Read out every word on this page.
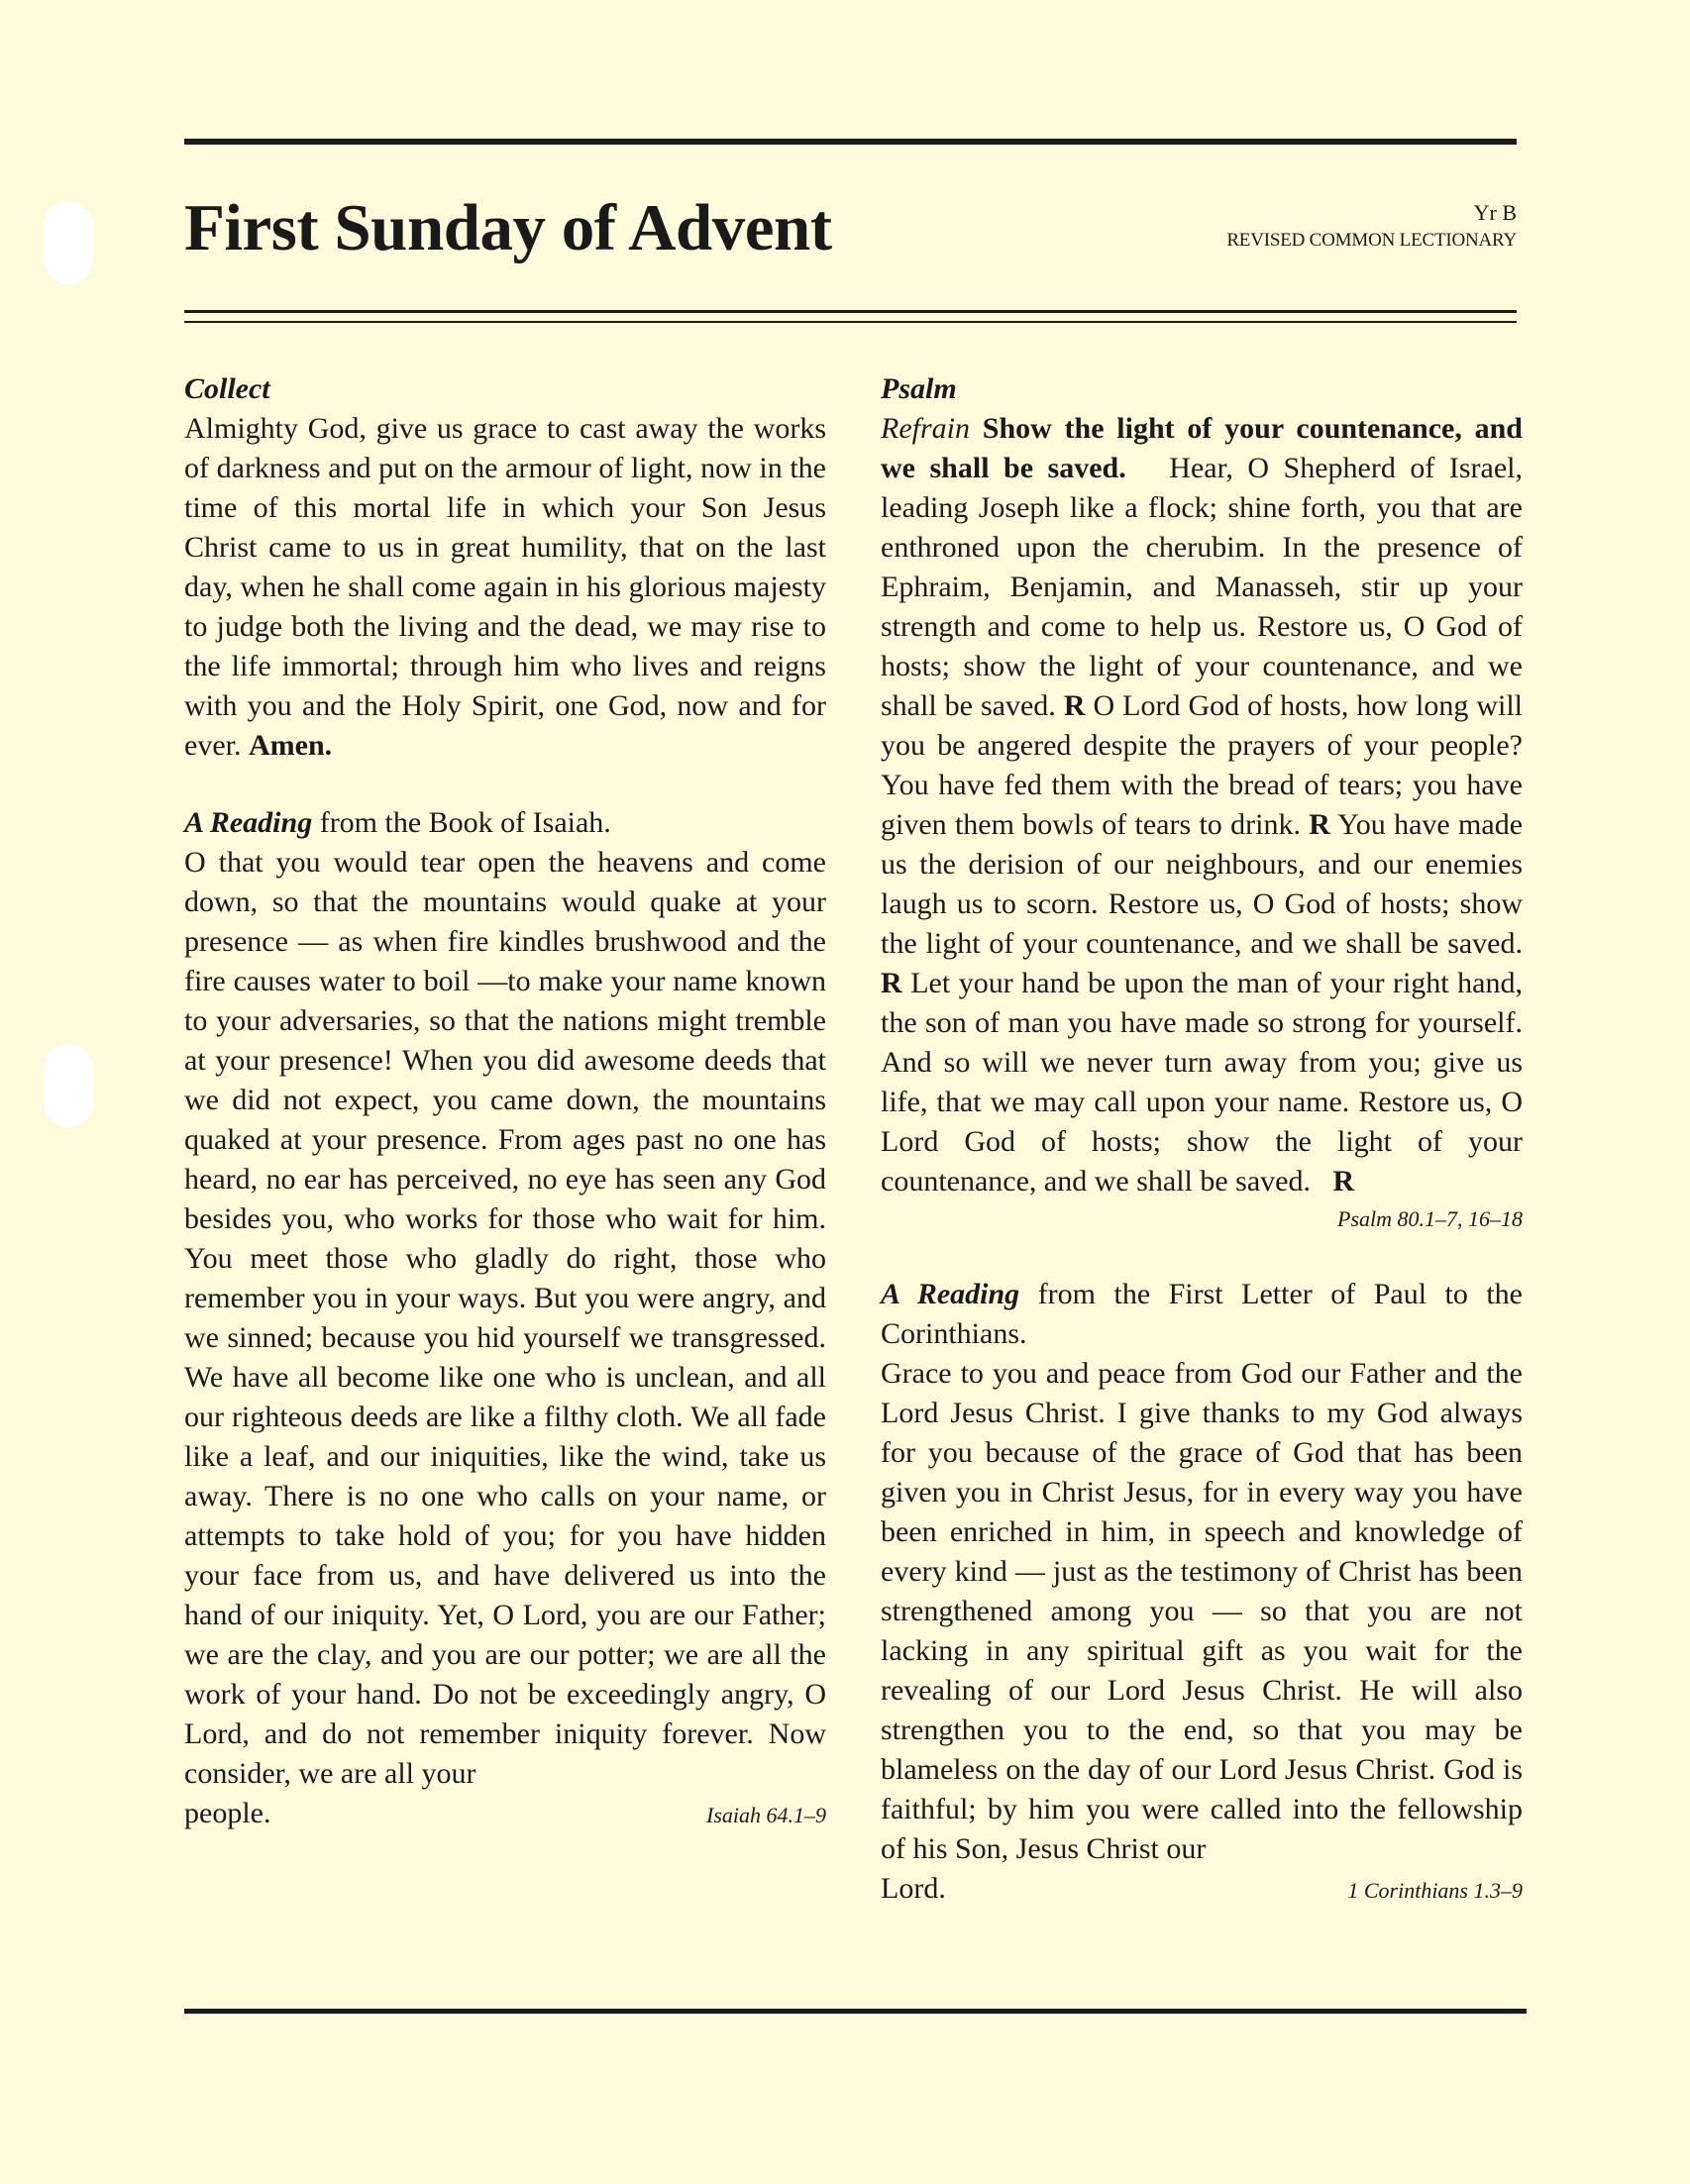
First Sunday of Advent	Yr B
REVISED COMMON LECTIONARY

Collect

Almighty God, give us grace to cast away the works of darkness and put on the armour of light, now in the time of this mortal life in which your Son Jesus Christ came to us in great humility, that on the last day, when he shall come again in his glorious majesty to judge both the living and the dead, we may rise to the life immortal; through him who lives and reigns with you and the Holy Spirit, one God, now and for ever. Amen.

A Reading from the Book of Isaiah.

O that you would tear open the heavens and come down, so that the mountains would quake at your presence — as when fire kindles brushwood and the fire causes water to boil —to make your name known to your adversaries, so that the nations might tremble at your presence! When you did awesome deeds that we did not expect, you came down, the mountains quaked at your presence. From ages past no one has heard, no ear has perceived, no eye has seen any God besides you, who works for those who wait for him. You meet those who gladly do right, those who remember you in your ways. But you were angry, and we sinned; because you hid yourself we transgressed. We have all become like one who is unclean, and all our righteous deeds are like a filthy cloth. We all fade like a leaf, and our iniquities, like the wind, take us away. There is no one who calls on your name, or attempts to take hold of you; for you have hidden your face from us, and have delivered us into the hand of our iniquity. Yet, O Lord, you are our Father; we are the clay, and you are our potter; we are all the work of your hand. Do not be exceedingly angry, O Lord, and do not remember iniquity forever. Now consider, we are all your

people.	Isaiah 64.1–9

Psalm

Refrain Show the light of your countenance, and we shall be saved. Hear, O Shepherd of Israel, leading Joseph like a flock; shine forth, you that are enthroned upon the cherubim. In the presence of Ephraim, Benjamin, and Manasseh, stir up your strength and come to help us. Restore us, O God of hosts; show the light of your countenance, and we shall be saved. R O Lord God of hosts, how long will you be angered despite the prayers of your people? You have fed them with the bread of tears; you have given them bowls of tears to drink. R You have made us the derision of our neighbours, and our enemies laugh us to scorn. Restore us, O God of hosts; show the light of your countenance, and we shall be saved. R Let your hand be upon the man of your right hand, the son of man you have made so strong for yourself. And so will we never turn away from you; give us life, that we may call upon your name. Restore us, O Lord God of hosts; show the light of your countenance, and we shall be saved. R

Psalm 80.1–7, 16–18

A Reading from the First Letter of Paul to the Corinthians.

Grace to you and peace from God our Father and the Lord Jesus Christ. I give thanks to my God always for you because of the grace of God that has been given you in Christ Jesus, for in every way you have been enriched in him, in speech and knowledge of every kind — just as the testimony of Christ has been strengthened among you — so that you are not lacking in any spiritual gift as you wait for the revealing of our Lord Jesus Christ. He will also strengthen you to the end, so that you may be blameless on the day of our Lord Jesus Christ. God is faithful; by him you were called into the fellowship of his Son, Jesus Christ our

Lord.	1 Corinthians 1.3–9
